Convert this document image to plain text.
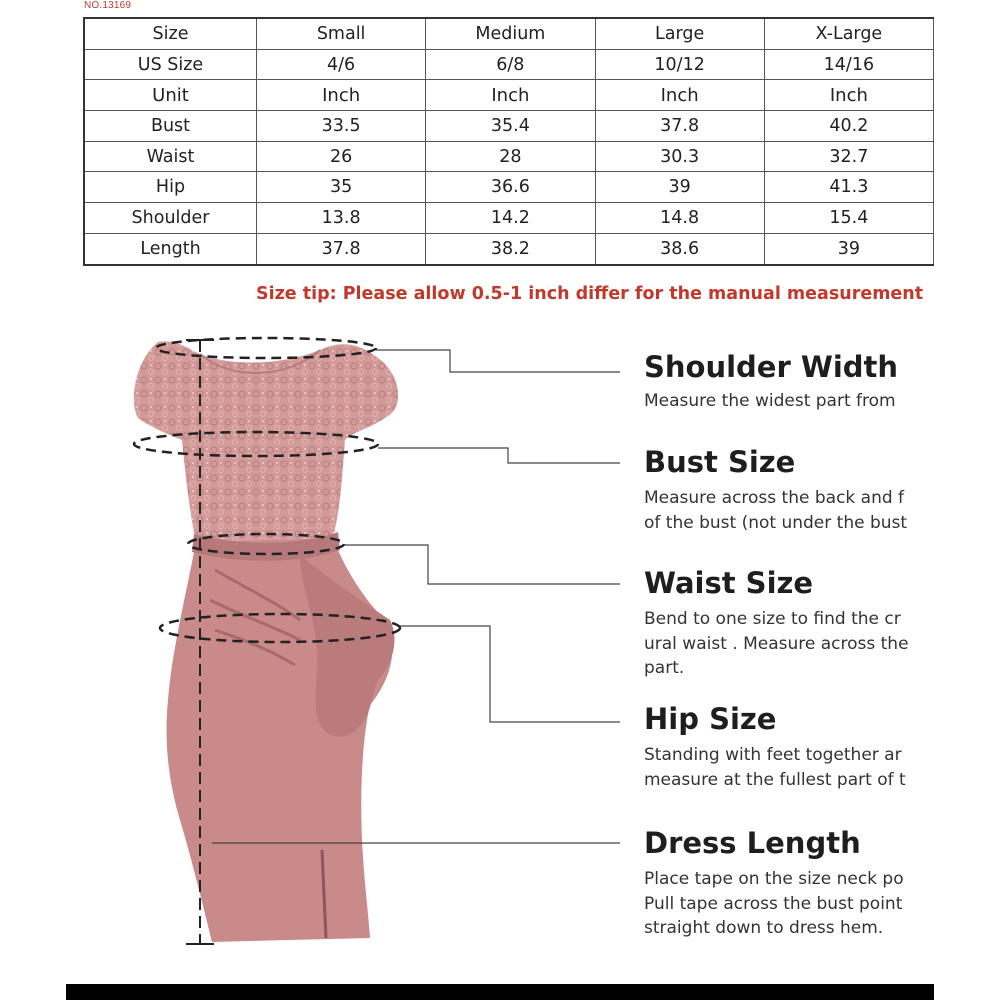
NO.13169
Size	Small	Medium	Large	X-Large
US Size	4/6	6/8	10/12	14/16
Unit	Inch	Inch	Inch	Inch
Bust	33.5	35.4	37.8	40.2
Waist	26	28	30.3	32.7
Hip	35	36.6	39	41.3
Shoulder	13.8	14.2	14.8	15.4
Length	37.8	38.2	38.6	39
Size tip: Please allow 0.5-1 inch differ for the manual measurement
Shoulder Width
Measure the widest part from
Bust Size
Measure across the back and f
of the bust (not under the bust
Waist Size
Bend to one size to find the cr
ural waist . Measure across the
part.
Hip Size
Standing with feet together ar
measure at the fullest part of t
Dress Length
Place tape on the size neck po
Pull tape across the bust point
straight down to dress hem.
